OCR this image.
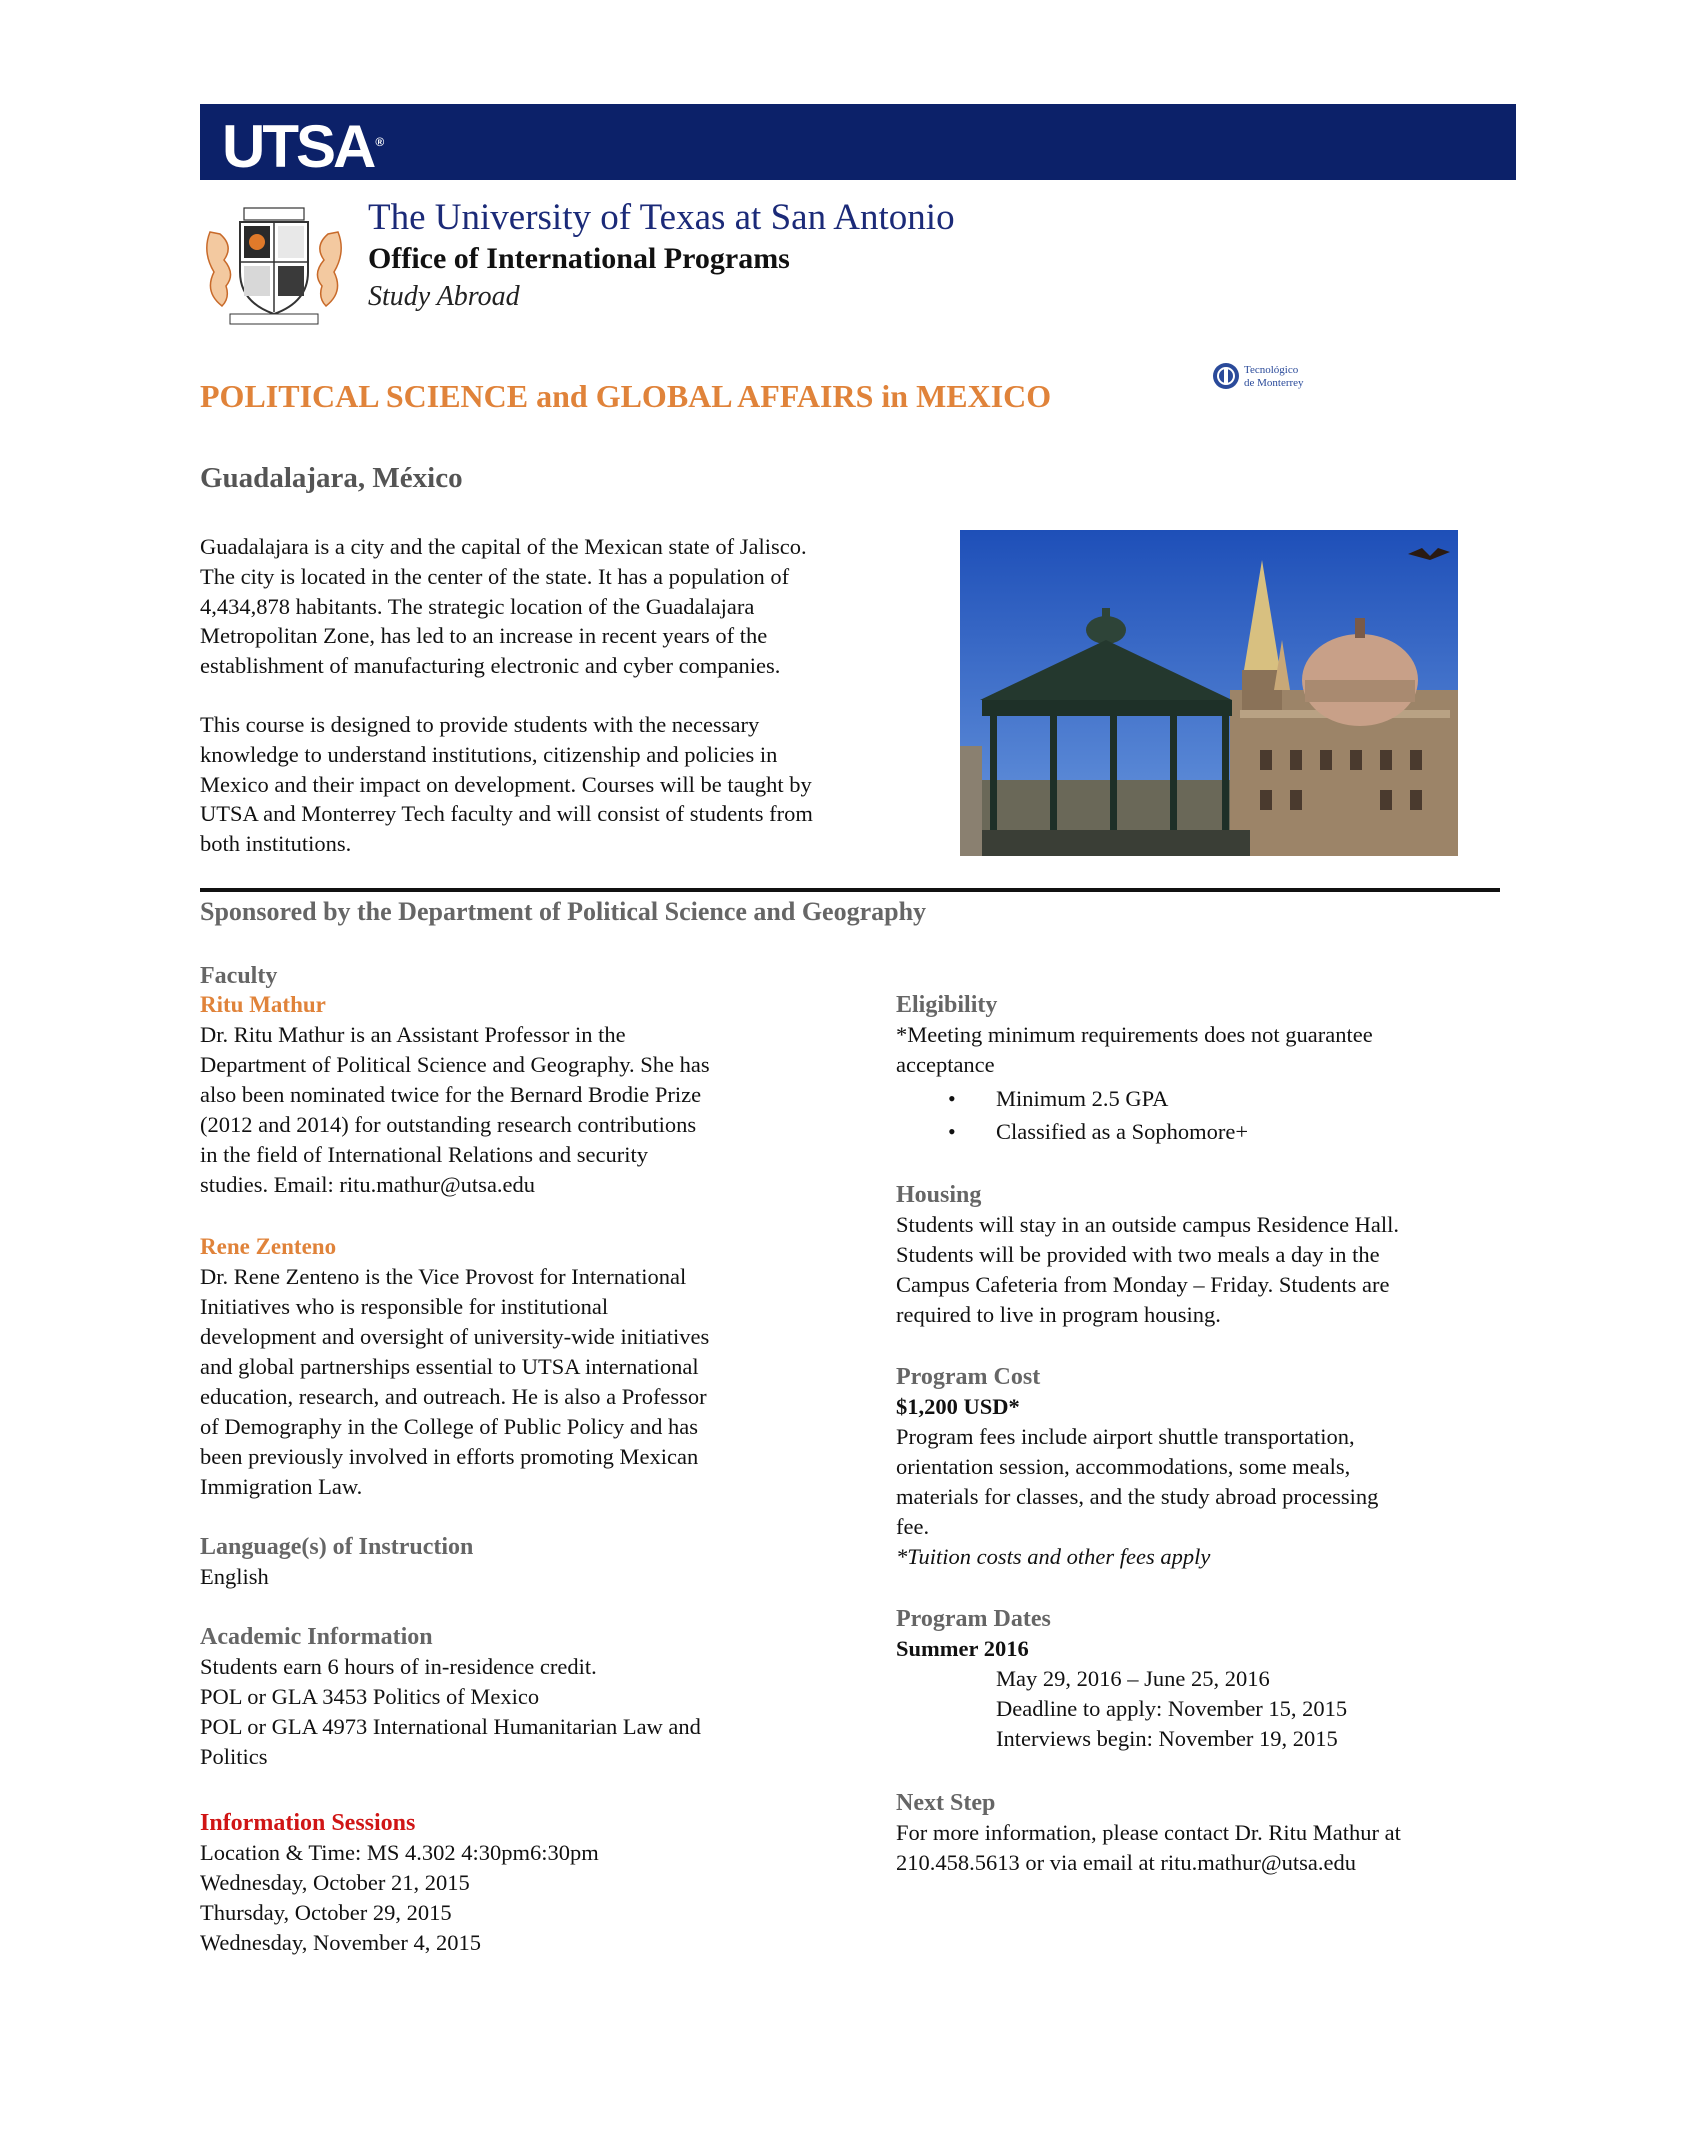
UTSA ®
The University of Texas at San Antonio
Office of International Programs
Study Abroad
POLITICAL SCIENCE and GLOBAL AFFAIRS in MEXICO
Tecnológico
de Monterrey
Guadalajara, México
Guadalajara is a city and the capital of the Mexican state of Jalisco.
The city is located in the center of the state. It has a population of
4,434,878 habitants. The strategic location of the Guadalajara
Metropolitan Zone, has led to an increase in recent years of the
establishment of manufacturing electronic and cyber companies.
This course is designed to provide students with the necessary
knowledge to understand institutions, citizenship and policies in
Mexico and their impact on development. Courses will be taught by
UTSA and Monterrey Tech faculty and will consist of students from
both institutions.
Sponsored by the Department of Political Science and Geography
Faculty
Ritu Mathur
Dr. Ritu Mathur is an Assistant Professor in the
Department of Political Science and Geography. She has
also been nominated twice for the Bernard Brodie Prize
(2012 and 2014) for outstanding research contributions
in the field of International Relations and security
studies. Email: ritu.mathur@utsa.edu
Rene Zenteno
Dr. Rene Zenteno is the Vice Provost for International
Initiatives who is responsible for institutional
development and oversight of university-wide initiatives
and global partnerships essential to UTSA international
education, research, and outreach. He is also a Professor
of Demography in the College of Public Policy and has
been previously involved in efforts promoting Mexican
Immigration Law.
Language(s) of Instruction
English
Academic Information
Students earn 6 hours of in-residence credit.
POL or GLA 3453 Politics of Mexico
POL or GLA 4973 International Humanitarian Law and
Politics
Information Sessions
Location & Time: MS 4.302 4:30pm6:30pm
Wednesday, October 21, 2015
Thursday, October 29, 2015
Wednesday, November 4, 2015
Eligibility
*Meeting minimum requirements does not guarantee
acceptance
• Minimum 2.5 GPA
• Classified as a Sophomore+
Housing
Students will stay in an outside campus Residence Hall.
Students will be provided with two meals a day in the
Campus Cafeteria from Monday – Friday. Students are
required to live in program housing.
Program Cost
$1,200 USD*
Program fees include airport shuttle transportation,
orientation session, accommodations, some meals,
materials for classes, and the study abroad processing
fee.
*Tuition costs and other fees apply
Program Dates
Summer 2016
May 29, 2016 – June 25, 2016
Deadline to apply: November 15, 2015
Interviews begin: November 19, 2015
Next Step
For more information, please contact Dr. Ritu Mathur at
210.458.5613 or via email at ritu.mathur@utsa.edu
